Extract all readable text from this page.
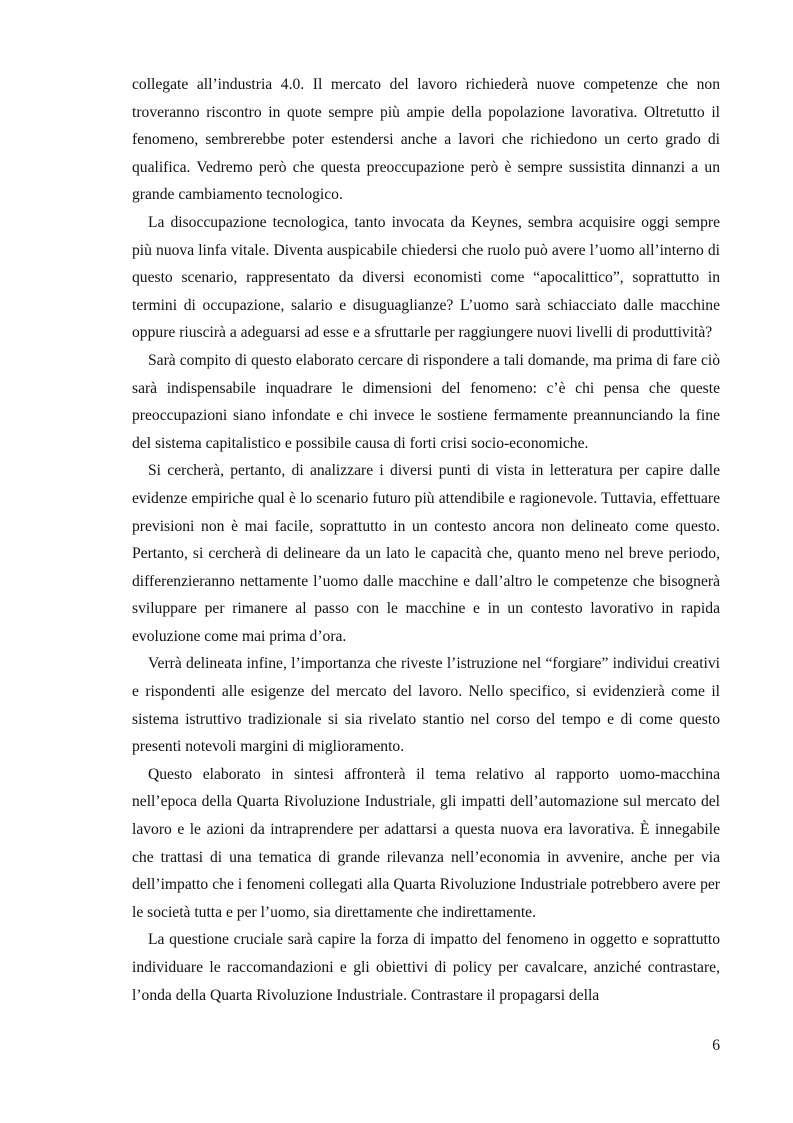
collegate all’industria 4.0. Il mercato del lavoro richiederà nuove competenze che non troveranno riscontro in quote sempre più ampie della popolazione lavorativa. Oltretutto il fenomeno, sembrerebbe poter estendersi anche a lavori che richiedono un certo grado di qualifica. Vedremo però che questa preoccupazione però è sempre sussistita dinnanzi a un grande cambiamento tecnologico.

La disoccupazione tecnologica, tanto invocata da Keynes, sembra acquisire oggi sempre più nuova linfa vitale. Diventa auspicabile chiedersi che ruolo può avere l’uomo all’interno di questo scenario, rappresentato da diversi economisti come “apocalittico”, soprattutto in termini di occupazione, salario e disuguaglianze? L’uomo sarà schiacciato dalle macchine oppure riuscirà a adeguarsi ad esse e a sfruttarle per raggiungere nuovi livelli di produttività?

Sarà compito di questo elaborato cercare di rispondere a tali domande, ma prima di fare ciò sarà indispensabile inquadrare le dimensioni del fenomeno: c’è chi pensa che queste preoccupazioni siano infondate e chi invece le sostiene fermamente preannunciando la fine del sistema capitalistico e possibile causa di forti crisi socio-economiche.

Si cercherà, pertanto, di analizzare i diversi punti di vista in letteratura per capire dalle evidenze empiriche qual è lo scenario futuro più attendibile e ragionevole. Tuttavia, effettuare previsioni non è mai facile, soprattutto in un contesto ancora non delineato come questo. Pertanto, si cercherà di delineare da un lato le capacità che, quanto meno nel breve periodo, differenzieranno nettamente l’uomo dalle macchine e dall’altro le competenze che bisognerà sviluppare per rimanere al passo con le macchine e in un contesto lavorativo in rapida evoluzione come mai prima d’ora.

Verrà delineata infine, l’importanza che riveste l’istruzione nel “forgiare” individui creativi e rispondenti alle esigenze del mercato del lavoro. Nello specifico, si evidenzierà come il sistema istruttivo tradizionale si sia rivelato stantio nel corso del tempo e di come questo presenti notevoli margini di miglioramento.

Questo elaborato in sintesi affronterà il tema relativo al rapporto uomo-macchina nell’epoca della Quarta Rivoluzione Industriale, gli impatti dell’automazione sul mercato del lavoro e le azioni da intraprendere per adattarsi a questa nuova era lavorativa. È innegabile che trattasi di una tematica di grande rilevanza nell’economia in avvenire, anche per via dell’impatto che i fenomeni collegati alla Quarta Rivoluzione Industriale potrebbero avere per le società tutta e per l’uomo, sia direttamente che indirettamente.

La questione cruciale sarà capire la forza di impatto del fenomeno in oggetto e soprattutto individuare le raccomandazioni e gli obiettivi di policy per cavalcare, anziché contrastare, l’onda della Quarta Rivoluzione Industriale. Contrastare il propagarsi della

6
